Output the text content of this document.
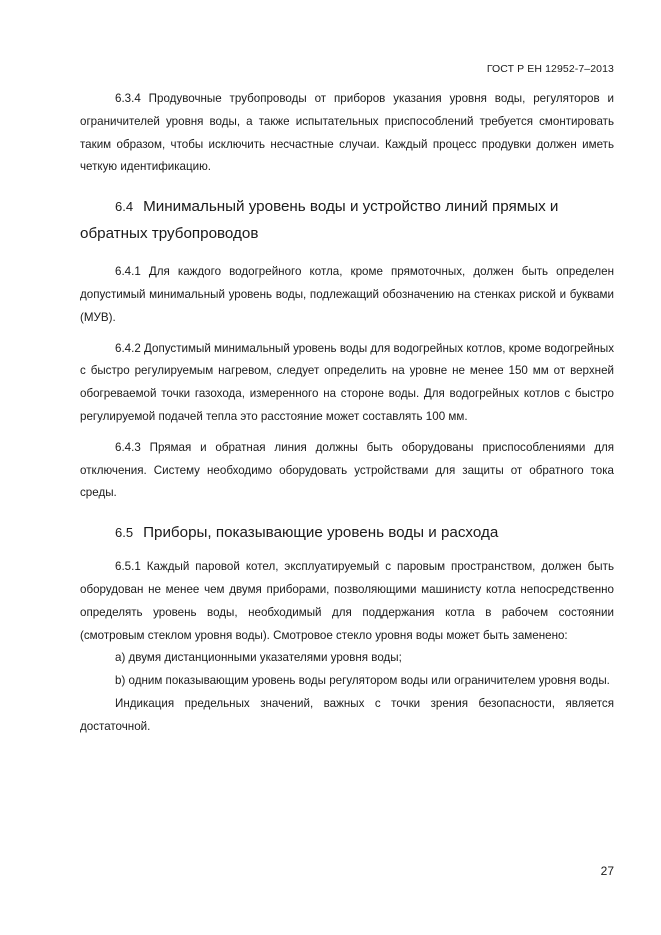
ГОСТ Р ЕН 12952-7–2013

6.3.4 Продувочные трубопроводы от приборов указания уровня воды, регуляторов и ограничителей уровня воды, а также испытательных приспособлений требуется смонтировать таким образом, чтобы исключить несчастные случаи. Каждый процесс продувки должен иметь четкую идентификацию.

6.4 Минимальный уровень воды и устройство линий прямых и обратных трубопроводов

6.4.1 Для каждого водогрейного котла, кроме прямоточных, должен быть определен допустимый минимальный уровень воды, подлежащий обозначению на стенках риской и буквами (МУВ).

6.4.2 Допустимый минимальный уровень воды для водогрейных котлов, кроме водогрейных с быстро регулируемым нагревом, следует определить на уровне не менее 150 мм от верхней обогреваемой точки газохода, измеренного на стороне воды. Для водогрейных котлов с быстро регулируемой подачей тепла это расстояние может составлять 100 мм.

6.4.3 Прямая и обратная линия должны быть оборудованы приспособлениями для отключения. Систему необходимо оборудовать устройствами для защиты от обратного тока среды.

6.5 Приборы, показывающие уровень воды и расхода

6.5.1 Каждый паровой котел, эксплуатируемый с паровым пространством, должен быть оборудован не менее чем двумя приборами, позволяющими машинисту котла непосредственно определять уровень воды, необходимый для поддержания котла в рабочем состоянии (смотровым стеклом уровня воды). Смотровое стекло уровня воды может быть заменено:

а) двумя дистанционными указателями уровня воды;

b) одним показывающим уровень воды регулятором воды или ограничителем уровня воды.

Индикация предельных значений, важных с точки зрения безопасности, является достаточной.

27
